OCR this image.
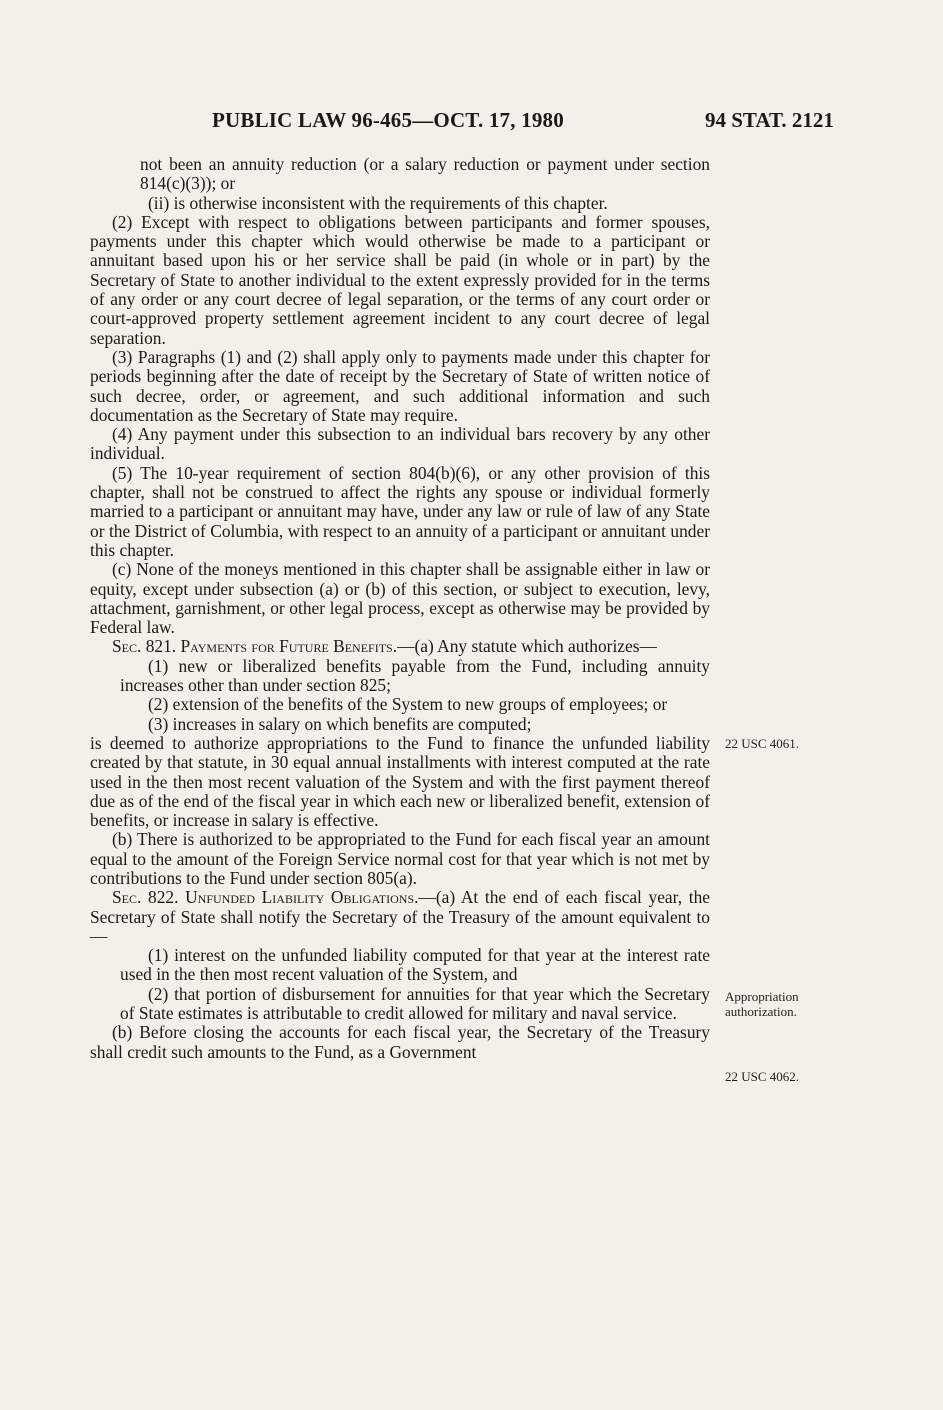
PUBLIC LAW 96-465—OCT. 17, 1980	94 STAT. 2121

not been an annuity reduction (or a salary reduction or payment under section 814(c)(3)); or

(ii) is otherwise inconsistent with the requirements of this chapter.

(2) Except with respect to obligations between participants and former spouses, payments under this chapter which would otherwise be made to a participant or annuitant based upon his or her service shall be paid (in whole or in part) by the Secretary of State to another individual to the extent expressly provided for in the terms of any order or any court decree of legal separation, or the terms of any court order or court-approved property settlement agreement incident to any court decree of legal separation.

(3) Paragraphs (1) and (2) shall apply only to payments made under this chapter for periods beginning after the date of receipt by the Secretary of State of written notice of such decree, order, or agreement, and such additional information and such documentation as the Secretary of State may require.

(4) Any payment under this subsection to an individual bars recovery by any other individual.

(5) The 10-year requirement of section 804(b)(6), or any other provision of this chapter, shall not be construed to affect the rights any spouse or individual formerly married to a participant or annuitant may have, under any law or rule of law of any State or the District of Columbia, with respect to an annuity of a participant or annuitant under this chapter.

(c) None of the moneys mentioned in this chapter shall be assignable either in law or equity, except under subsection (a) or (b) of this section, or subject to execution, levy, attachment, garnishment, or other legal process, except as otherwise may be provided by Federal law.

Sec. 821. Payments for Future Benefits.—(a) Any statute which authorizes—

(1) new or liberalized benefits payable from the Fund, including annuity increases other than under section 825;

(2) extension of the benefits of the System to new groups of employees; or

(3) increases in salary on which benefits are computed;

is deemed to authorize appropriations to the Fund to finance the unfunded liability created by that statute, in 30 equal annual installments with interest computed at the rate used in the then most recent valuation of the System and with the first payment thereof due as of the end of the fiscal year in which each new or liberalized benefit, extension of benefits, or increase in salary is effective.

(b) There is authorized to be appropriated to the Fund for each fiscal year an amount equal to the amount of the Foreign Service normal cost for that year which is not met by contributions to the Fund under section 805(a).

Sec. 822. Unfunded Liability Obligations.—(a) At the end of each fiscal year, the Secretary of State shall notify the Secretary of the Treasury of the amount equivalent to—

(1) interest on the unfunded liability computed for that year at the interest rate used in the then most recent valuation of the System, and

(2) that portion of disbursement for annuities for that year which the Secretary of State estimates is attributable to credit allowed for military and naval service.

(b) Before closing the accounts for each fiscal year, the Secretary of the Treasury shall credit such amounts to the Fund, as a Government

22 USC 4061.
Appropriation authorization.
22 USC 4062.
